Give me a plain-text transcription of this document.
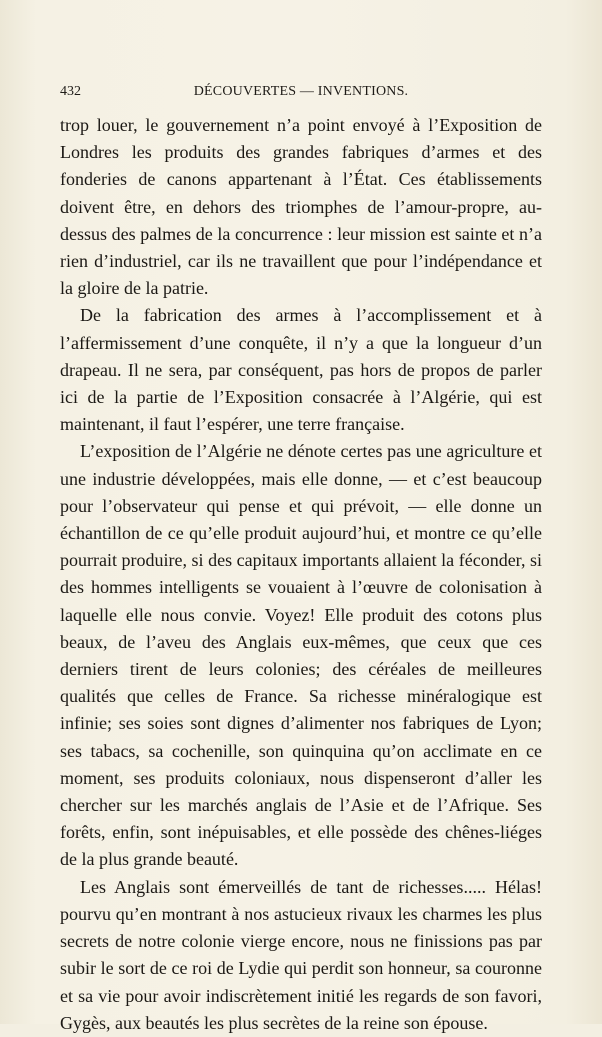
432	DÉCOUVERTES — INVENTIONS.

trop louer, le gouvernement n’a point envoyé à l’Exposition de Londres les produits des grandes fabriques d’armes et des fonderies de canons appartenant à l’État. Ces établissements doivent être, en dehors des triomphes de l’amour-propre, au-dessus des palmes de la concurrence : leur mission est sainte et n’a rien d’industriel, car ils ne travaillent que pour l’indépendance et la gloire de la patrie.

De la fabrication des armes à l’accomplissement et à l’affermissement d’une conquête, il n’y a que la longueur d’un drapeau. Il ne sera, par conséquent, pas hors de propos de parler ici de la partie de l’Exposition consacrée à l’Algérie, qui est maintenant, il faut l’espérer, une terre française.

L’exposition de l’Algérie ne dénote certes pas une agriculture et une industrie développées, mais elle donne, — et c’est beaucoup pour l’observateur qui pense et qui prévoit, — elle donne un échantillon de ce qu’elle produit aujourd’hui, et montre ce qu’elle pourrait produire, si des capitaux importants allaient la féconder, si des hommes intelligents se vouaient à l’œuvre de colonisation à laquelle elle nous convie. Voyez! Elle produit des cotons plus beaux, de l’aveu des Anglais eux-mêmes, que ceux que ces derniers tirent de leurs colonies; des céréales de meilleures qualités que celles de France. Sa richesse minéralogique est infinie; ses soies sont dignes d’alimenter nos fabriques de Lyon; ses tabacs, sa cochenille, son quinquina qu’on acclimate en ce moment, ses produits coloniaux, nous dispenseront d’aller les chercher sur les marchés anglais de l’Asie et de l’Afrique. Ses forêts, enfin, sont inépuisables, et elle possède des chênes-liéges de la plus grande beauté.

Les Anglais sont émerveillés de tant de richesses..... Hélas! pourvu qu’en montrant à nos astucieux rivaux les charmes les plus secrets de notre colonie vierge encore, nous ne finissions pas par subir le sort de ce roi de Lydie qui perdit son honneur, sa couronne et sa vie pour avoir indiscrètement initié les regards de son favori, Gygès, aux beautés les plus secrètes de la reine son épouse.
